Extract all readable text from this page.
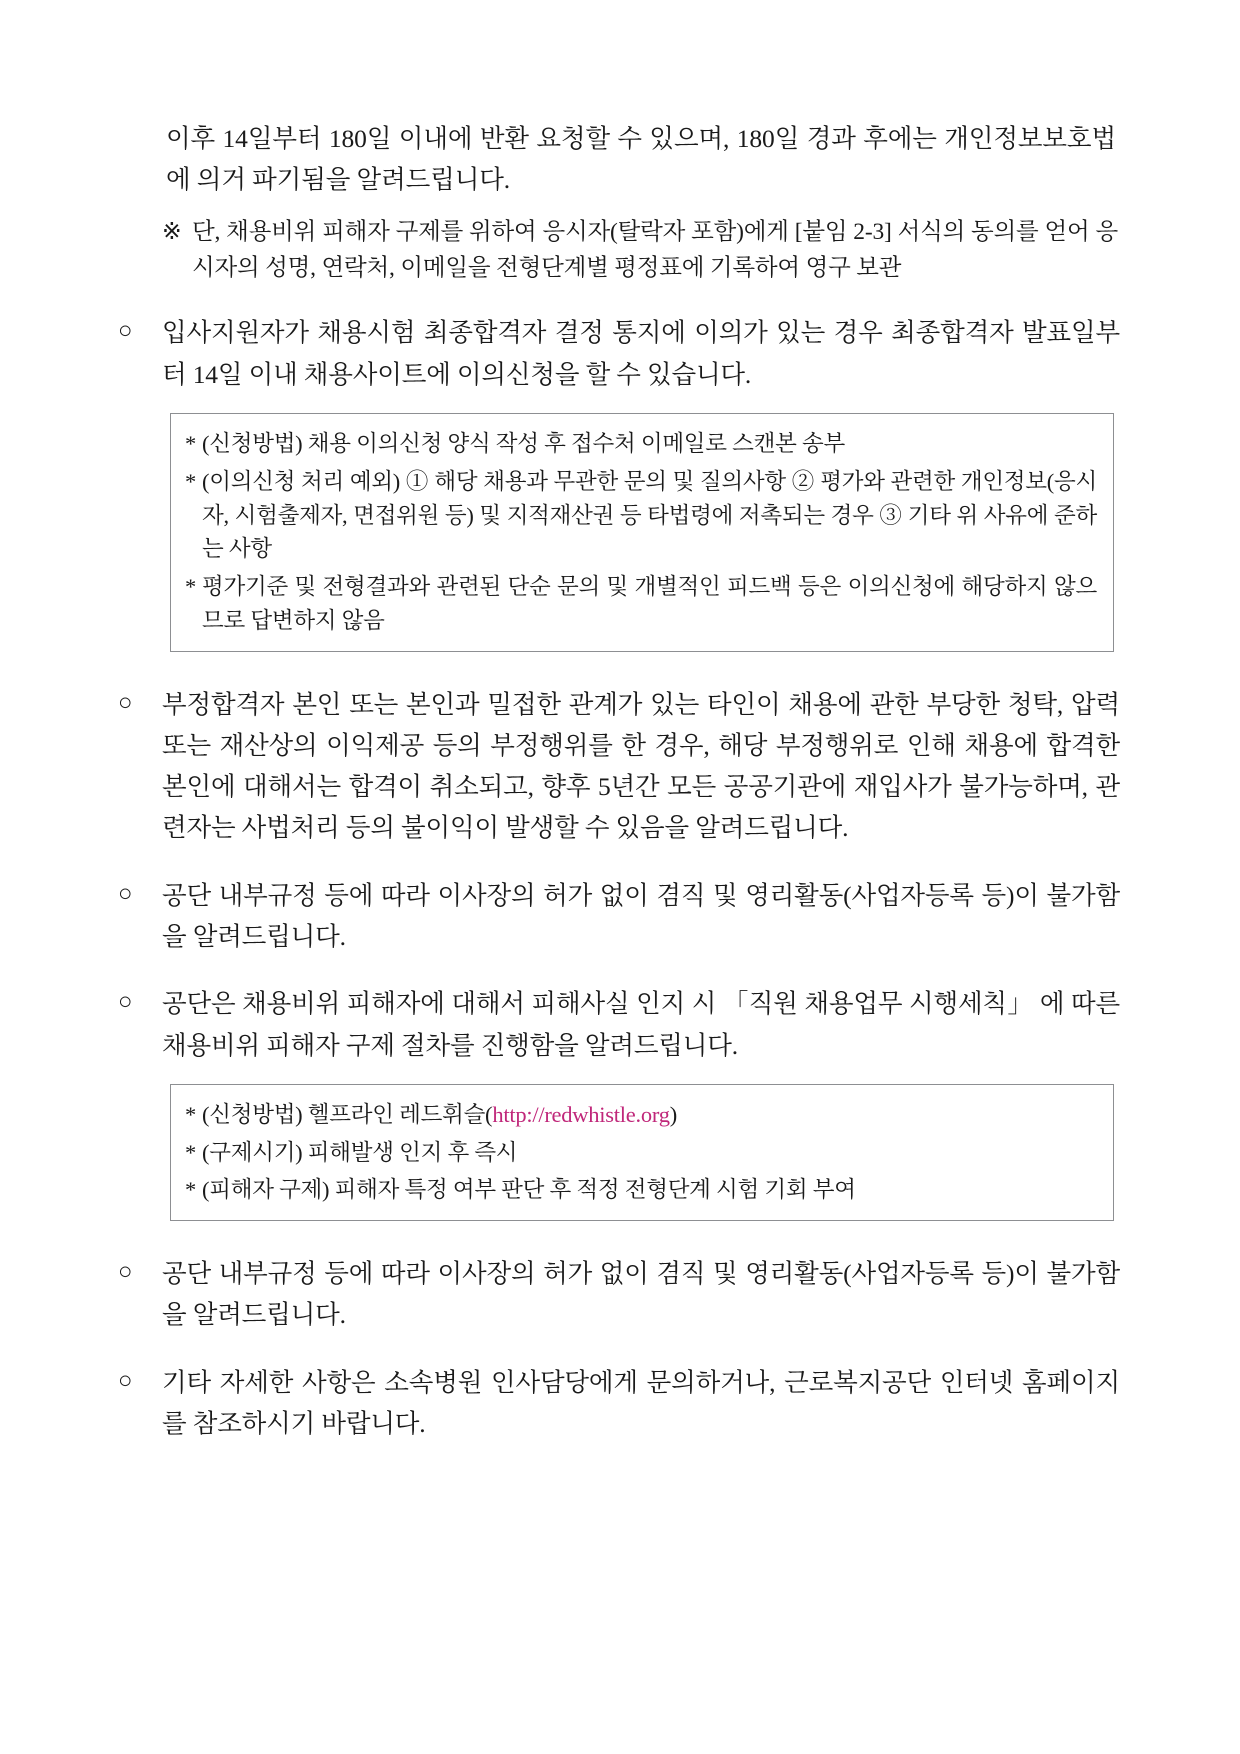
이후 14일부터 180일 이내에 반환 요청할 수 있으며, 180일 경과 후에는 개인정보보호법에 의거 파기됨을 알려드립니다.

※ 단, 채용비위 피해자 구제를 위하여 응시자(탈락자 포함)에게 [붙임 2-3] 서식의 동의를 얻어 응시자의 성명, 연락처, 이메일을 전형단계별 평정표에 기록하여 영구 보관
○	입사지원자가 채용시험 최종합격자 결정 통지에 이의가 있는 경우 최종합격자 발표일부터 14일 이내 채용사이트에 이의신청을 할 수 있습니다.
* (신청방법) 채용 이의신청 양식 작성 후 접수처 이메일로 스캔본 송부
* (이의신청 처리 예외) ① 해당 채용과 무관한 문의 및 질의사항 ② 평가와 관련한 개인정보(응시자, 시험출제자, 면접위원 등) 및 지적재산권 등 타법령에 저촉되는 경우 ③ 기타 위 사유에 준하는 사항
* 평가기준 및 전형결과와 관련된 단순 문의 및 개별적인 피드백 등은 이의신청에 해당하지 않으므로 답변하지 않음
○	부정합격자 본인 또는 본인과 밀접한 관계가 있는 타인이 채용에 관한 부당한 청탁, 압력 또는 재산상의 이익제공 등의 부정행위를 한 경우, 해당 부정행위로 인해 채용에 합격한 본인에 대해서는 합격이 취소되고, 향후 5년간 모든 공공기관에 재입사가 불가능하며, 관련자는 사법처리 등의 불이익이 발생할 수 있음을 알려드립니다.
○	공단 내부규정 등에 따라 이사장의 허가 없이 겸직 및 영리활동(사업자등록 등)이 불가함을 알려드립니다.
○	공단은 채용비위 피해자에 대해서 피해사실 인지 시 「직원 채용업무 시행세칙」 에 따른 채용비위 피해자 구제 절차를 진행함을 알려드립니다.
* (신청방법) 헬프라인 레드휘슬(http://redwhistle.org)
* (구제시기) 피해발생 인지 후 즉시
* (피해자 구제) 피해자 특정 여부 판단 후 적정 전형단계 시험 기회 부여
○	공단 내부규정 등에 따라 이사장의 허가 없이 겸직 및 영리활동(사업자등록 등)이 불가함을 알려드립니다.
○	기타 자세한 사항은 소속병원 인사담당에게 문의하거나, 근로복지공단 인터넷 홈페이지를 참조하시기 바랍니다.
